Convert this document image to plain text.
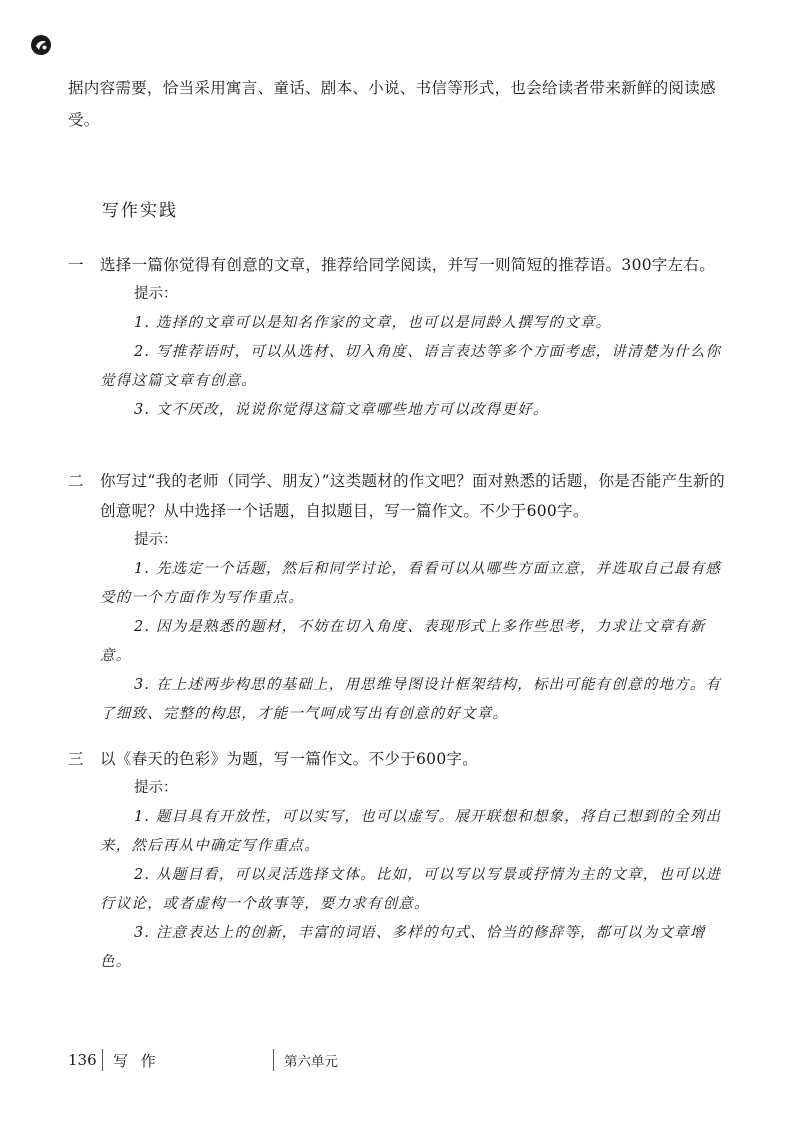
据内容需要，恰当采用寓言、童话、剧本、小说、书信等形式，也会给读者带来新鲜的阅读感受。
写作实践
一	选择一篇你觉得有创意的文章，推荐给同学阅读，并写一则简短的推荐语。300字左右。
提示：
1. 选择的文章可以是知名作家的文章，也可以是同龄人撰写的文章。
2. 写推荐语时，可以从选材、切入角度、语言表达等多个方面考虑，讲清楚为什么你觉得这篇文章有创意。
3. 文不厌改，说说你觉得这篇文章哪些地方可以改得更好。
二	你写过“我的老师（同学、朋友）”这类题材的作文吧？面对熟悉的话题，你是否能产生新的创意呢？从中选择一个话题，自拟题目，写一篇作文。不少于600字。
提示：
1. 先选定一个话题，然后和同学讨论，看看可以从哪些方面立意，并选取自己最有感受的一个方面作为写作重点。
2. 因为是熟悉的题材，不妨在切入角度、表现形式上多作些思考，力求让文章有新意。
3. 在上述两步构思的基础上，用思维导图设计框架结构，标出可能有创意的地方。有了细致、完整的构思，才能一气呵成写出有创意的好文章。
三	以《春天的色彩》为题，写一篇作文。不少于600字。
提示：
1. 题目具有开放性，可以实写，也可以虚写。展开联想和想象，将自己想到的全列出来，然后再从中确定写作重点。
2. 从题目看，可以灵活选择文体。比如，可以写以写景或抒情为主的文章，也可以进行议论，或者虚构一个故事等，要力求有创意。
3. 注意表达上的创新，丰富的词语、多样的句式、恰当的修辞等，都可以为文章增色。
136 写 作	第六单元
